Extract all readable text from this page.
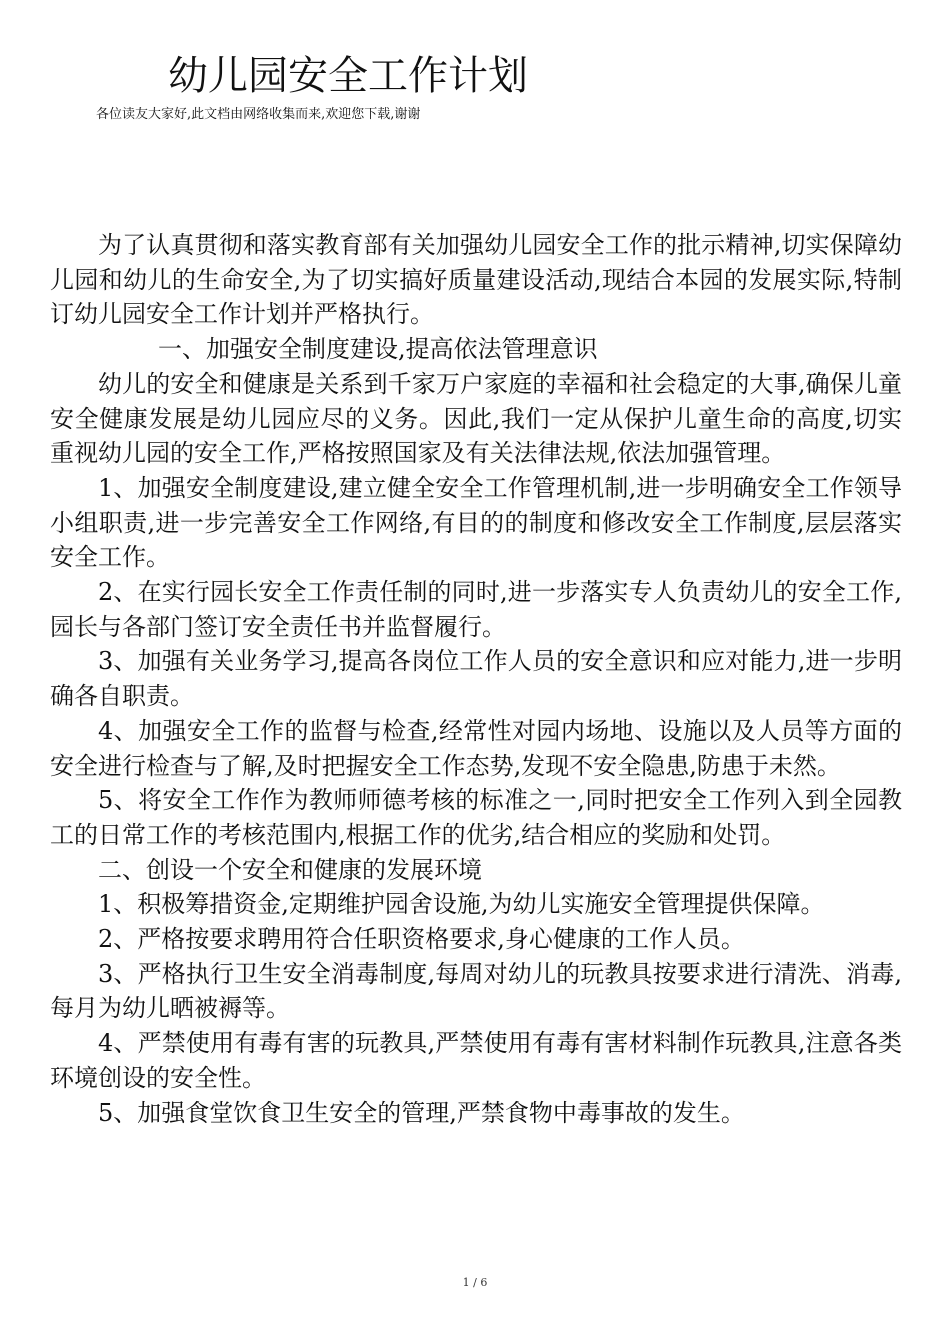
幼儿园安全工作计划
各位读友大家好,此文档由网络收集而来,欢迎您下载,谢谢

为了认真贯彻和落实教育部有关加强幼儿园安全工作的批示精神,切实保障幼儿园和幼儿的生命安全,为了切实搞好质量建设活动,现结合本园的发展实际,特制订幼儿园安全工作计划并严格执行。

一、加强安全制度建设,提高依法管理意识

幼儿的安全和健康是关系到千家万户家庭的幸福和社会稳定的大事,确保儿童安全健康发展是幼儿园应尽的义务。因此,我们一定从保护儿童生命的高度,切实重视幼儿园的安全工作,严格按照国家及有关法律法规,依法加强管理。

1、加强安全制度建设,建立健全安全工作管理机制,进一步明确安全工作领导小组职责,进一步完善安全工作网络,有目的的制度和修改安全工作制度,层层落实安全工作。

2、在实行园长安全工作责任制的同时,进一步落实专人负责幼儿的安全工作,园长与各部门签订安全责任书并监督履行。

3、加强有关业务学习,提高各岗位工作人员的安全意识和应对能力,进一步明确各自职责。

4、加强安全工作的监督与检查,经常性对园内场地、设施以及人员等方面的安全进行检查与了解,及时把握安全工作态势,发现不安全隐患,防患于未然。

5、将安全工作作为教师师德考核的标准之一,同时把安全工作列入到全园教工的日常工作的考核范围内,根据工作的优劣,结合相应的奖励和处罚。

二、创设一个安全和健康的发展环境

1、积极筹措资金,定期维护园舍设施,为幼儿实施安全管理提供保障。

2、严格按要求聘用符合任职资格要求,身心健康的工作人员。

3、严格执行卫生安全消毒制度,每周对幼儿的玩教具按要求进行清洗、消毒,每月为幼儿晒被褥等。

4、严禁使用有毒有害的玩教具,严禁使用有毒有害材料制作玩教具,注意各类环境创设的安全性。

5、加强食堂饮食卫生安全的管理,严禁食物中毒事故的发生。

1 / 6
